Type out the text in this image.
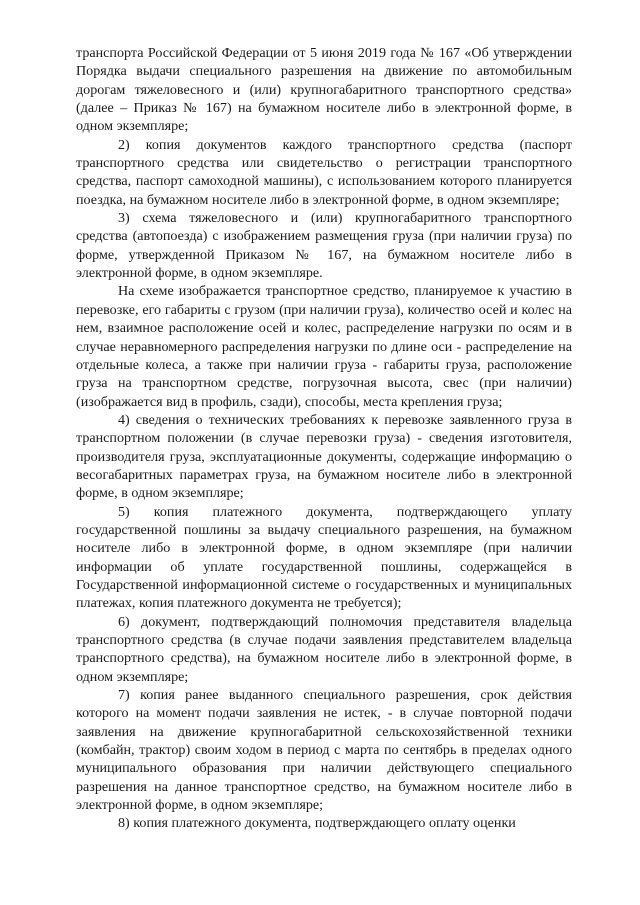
транспорта Российской Федерации от 5 июня 2019 года № 167 «Об утверждении Порядка выдачи специального разрешения на движение по автомобильным дорогам тяжеловесного и (или) крупногабаритного транспортного средства» (далее – Приказ № 167) на бумажном носителе либо в электронной форме, в одном экземпляре;

2) копия документов каждого транспортного средства (паспорт транспортного средства или свидетельство о регистрации транспортного средства, паспорт самоходной машины), с использованием которого планируется поездка, на бумажном носителе либо в электронной форме, в одном экземпляре;

3) схема тяжеловесного и (или) крупногабаритного транспортного средства (автопоезда) с изображением размещения груза (при наличии груза) по форме, утвержденной Приказом № 167, на бумажном носителе либо в электронной форме, в одном экземпляре.

На схеме изображается транспортное средство, планируемое к участию в перевозке, его габариты с грузом (при наличии груза), количество осей и колес на нем, взаимное расположение осей и колес, распределение нагрузки по осям и в случае неравномерного распределения нагрузки по длине оси - распределение на отдельные колеса, а также при наличии груза - габариты груза, расположение груза на транспортном средстве, погрузочная высота, свес (при наличии) (изображается вид в профиль, сзади), способы, места крепления груза;

4) сведения о технических требованиях к перевозке заявленного груза в транспортном положении (в случае перевозки груза) - сведения изготовителя, производителя груза, эксплуатационные документы, содержащие информацию о весогабаритных параметрах груза, на бумажном носителе либо в электронной форме, в одном экземпляре;

5) копия платежного документа, подтверждающего уплату государственной пошлины за выдачу специального разрешения, на бумажном носителе либо в электронной форме, в одном экземпляре (при наличии информации об уплате государственной пошлины, содержащейся в Государственной информационной системе о государственных и муниципальных платежах, копия платежного документа не требуется);

6) документ, подтверждающий полномочия представителя владельца транспортного средства (в случае подачи заявления представителем владельца транспортного средства), на бумажном носителе либо в электронной форме, в одном экземпляре;

7) копия ранее выданного специального разрешения, срок действия которого на момент подачи заявления не истек, - в случае повторной подачи заявления на движение крупногабаритной сельскохозяйственной техники (комбайн, трактор) своим ходом в период с марта по сентябрь в пределах одного муниципального образования при наличии действующего специального разрешения на данное транспортное средство, на бумажном носителе либо в электронной форме, в одном экземпляре;

8) копия платежного документа, подтверждающего оплату оценки
